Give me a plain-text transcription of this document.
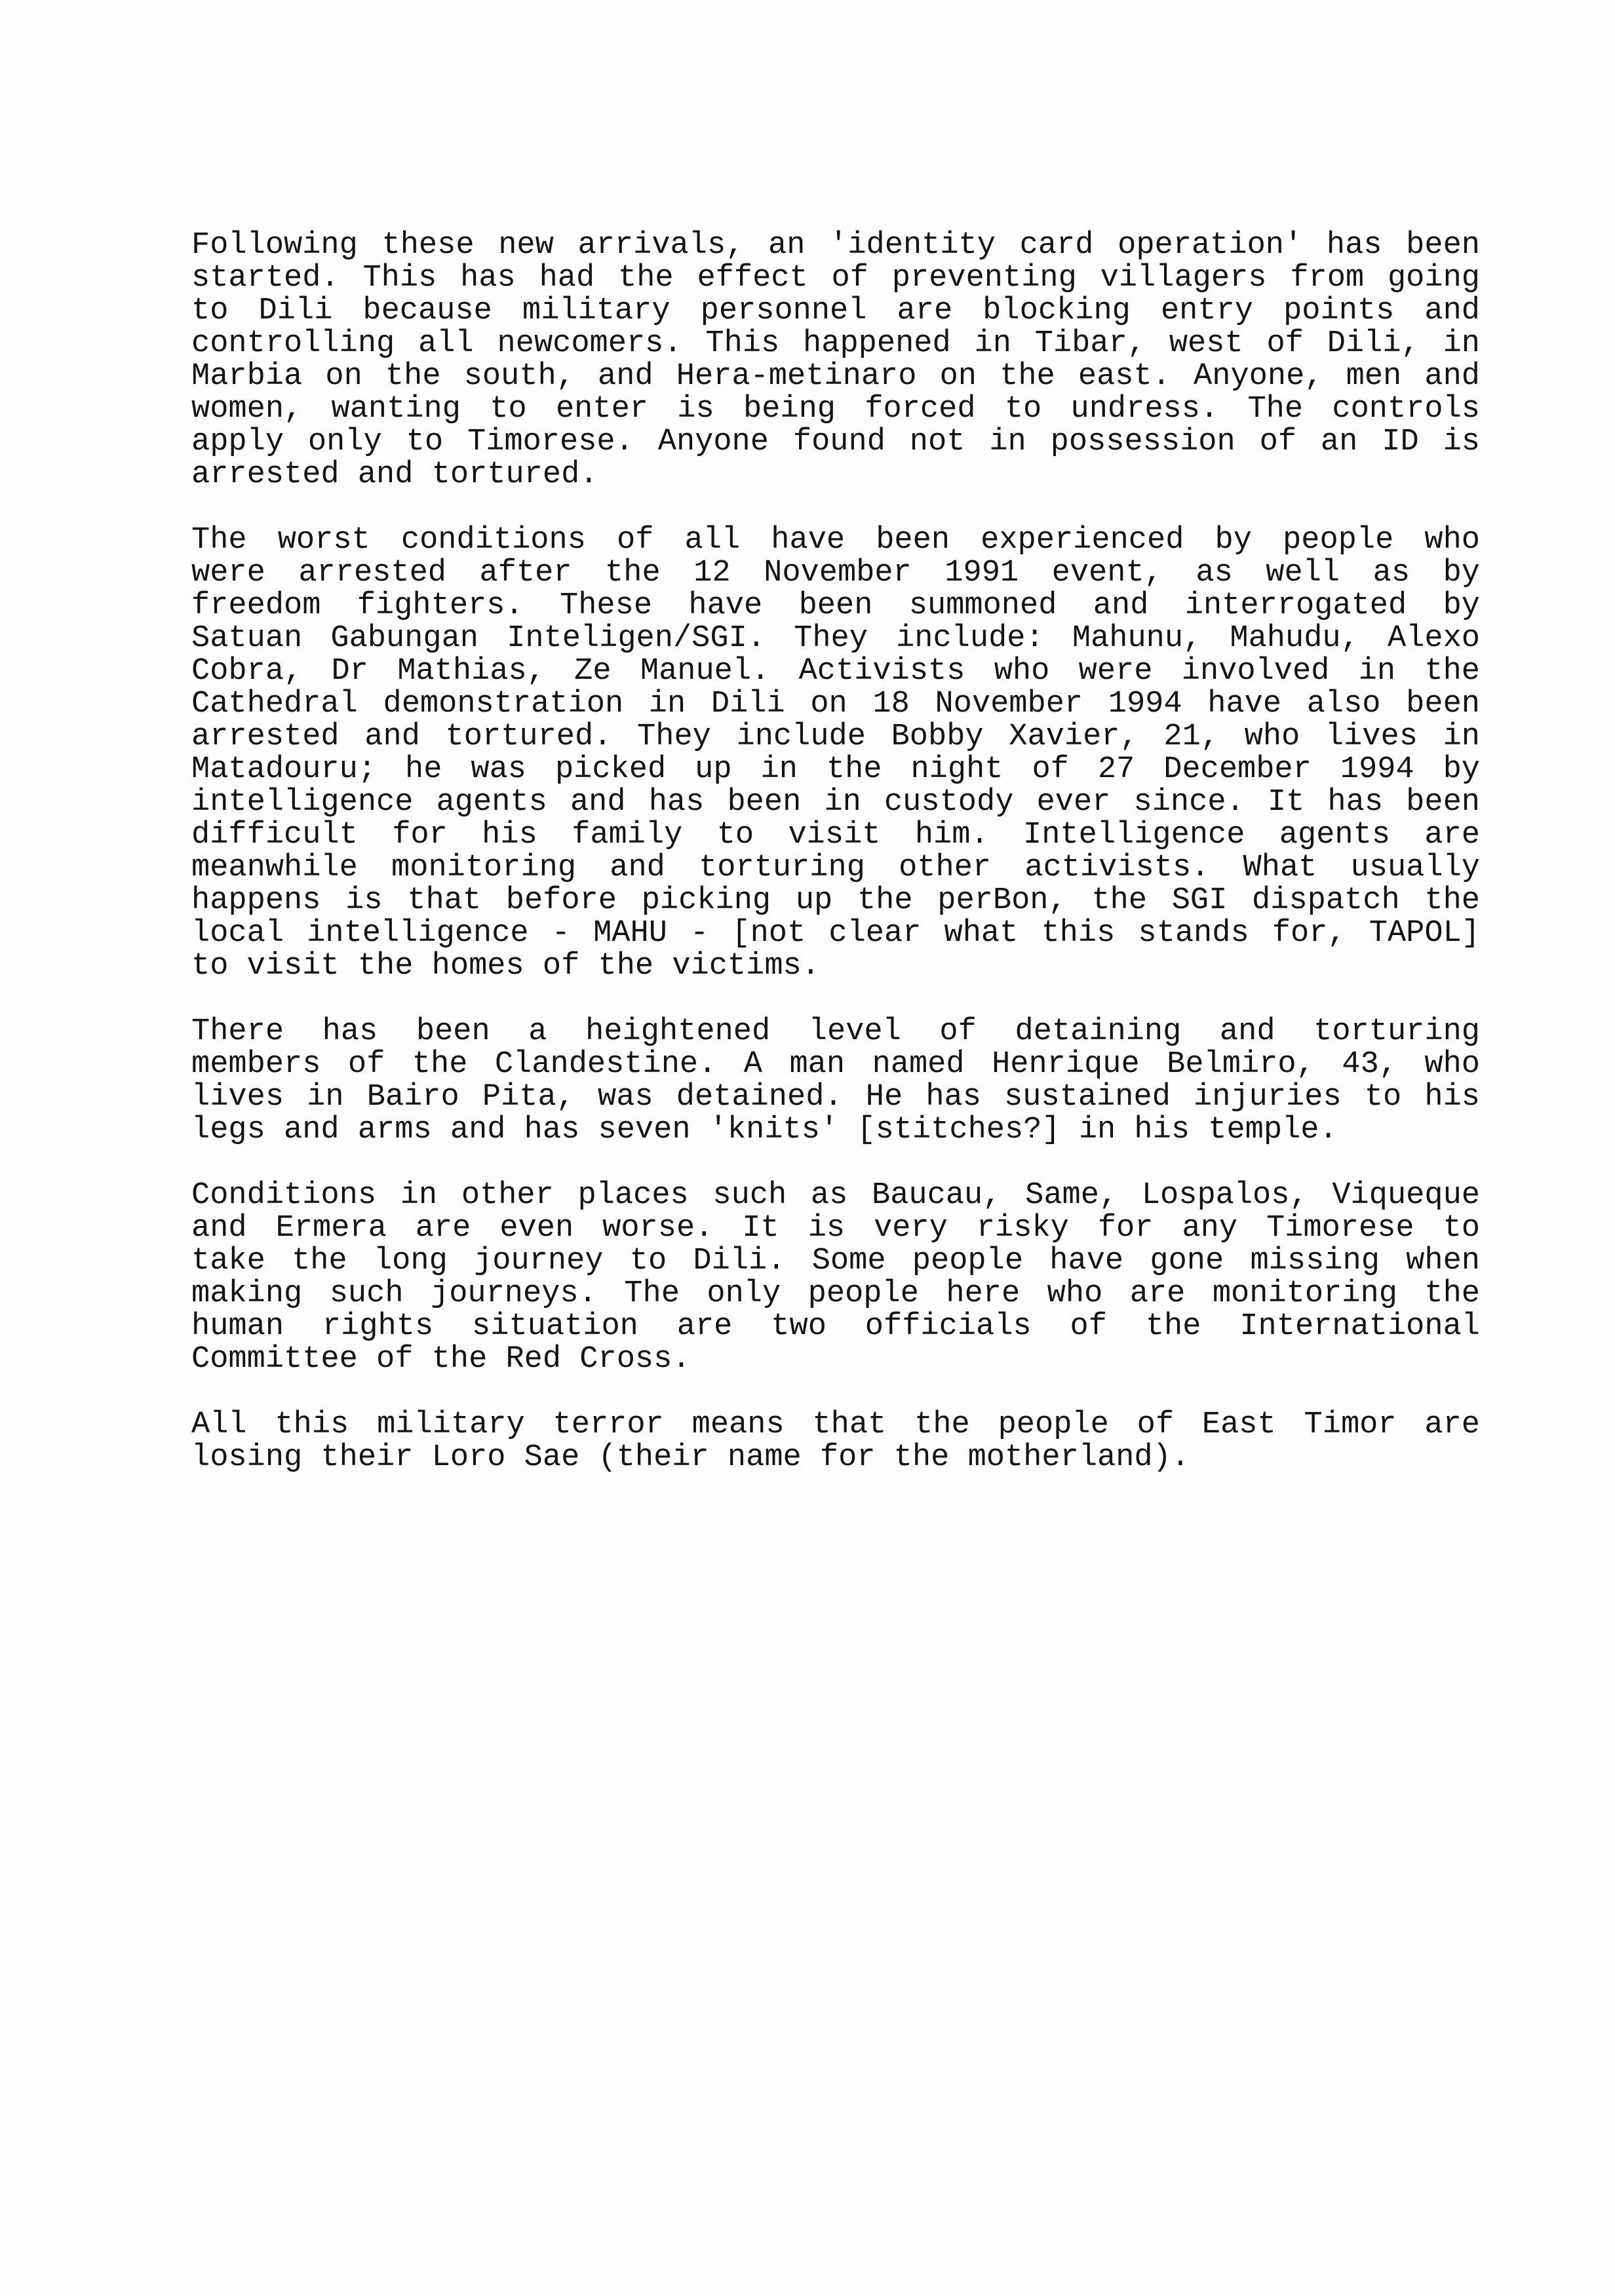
Following these new arrivals, an 'identity card operation' has been
started. This has had the effect of preventing villagers from going
to Dili because military personnel are blocking entry points and
controlling all newcomers. This happened in Tibar, west of Dili, in
Marbia on the south, and Hera-metinaro on the east. Anyone, men and
women, wanting to enter is being forced to undress. The controls
apply only to Timorese. Anyone found not in possession of an ID is
arrested and tortured.

The worst conditions of all have been experienced by people who
were arrested after the 12 November 1991 event, as well as by
freedom fighters. These have been summoned and interrogated by
Satuan Gabungan Inteligen/SGI. They include: Mahunu, Mahudu, Alexo
Cobra, Dr Mathias, Ze Manuel. Activists who were involved in the
Cathedral demonstration in Dili on 18 November 1994 have also been
arrested and tortured. They include Bobby Xavier, 21, who lives in
Matadouru; he was picked up in the night of 27 December 1994 by
intelligence agents and has been in custody ever since. It has been
difficult for his family to visit him. Intelligence agents are
meanwhile monitoring and torturing other activists. What usually
happens is that before picking up the perBon, the SGI dispatch the
local intelligence - MAHU - [not clear what this stands for, TAPOL]
to visit the homes of the victims.

There has been a heightened level of detaining and torturing
members of the Clandestine. A man named Henrique Belmiro, 43, who
lives in Bairo Pita, was detained. He has sustained injuries to his
legs and arms and has seven 'knits' [stitches?] in his temple.

Conditions in other places such as Baucau, Same, Lospalos, Viqueque
and Ermera are even worse. It is very risky for any Timorese to
take the long journey to Dili. Some people have gone missing when
making such journeys. The only people here who are monitoring the
human rights situation are two officials of the International
Committee of the Red Cross.

All this military terror means that the people of East Timor are
losing their Loro Sae (their name for the motherland).
